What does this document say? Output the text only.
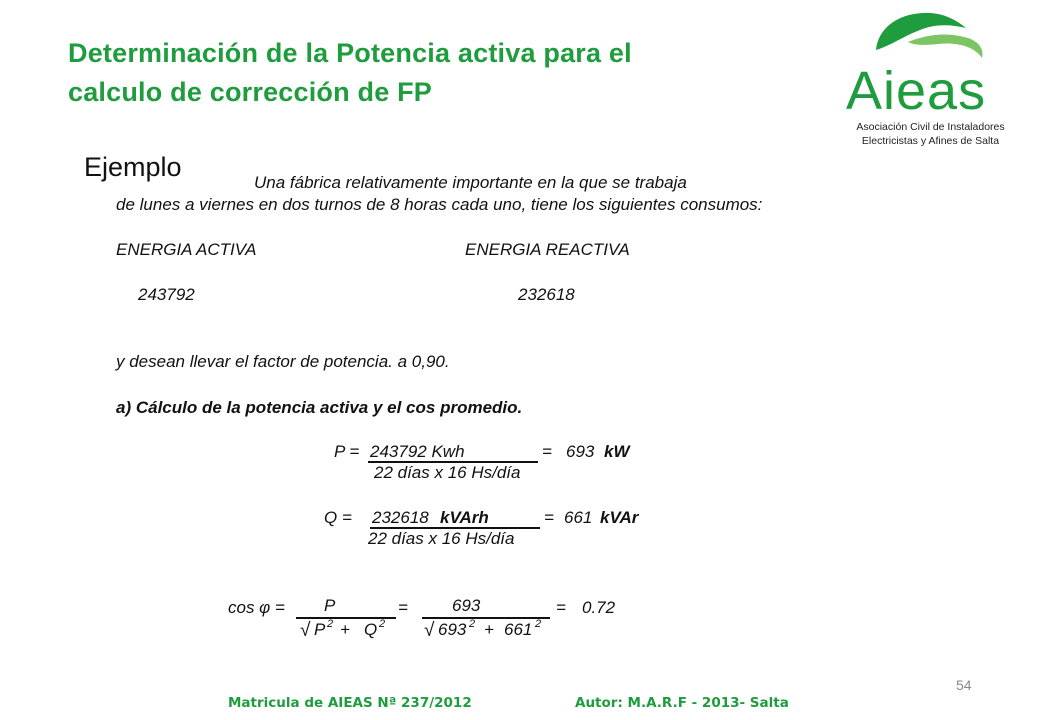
Determinación de la Potencia activa para el
calculo de corrección de FP	Aieas
Asociación Civil de Instaladores
Electricistas y Afines de Salta
Ejemplo
Una fábrica relativamente importante en la que se trabaja
de lunes a viernes en dos turnos de 8 horas cada uno, tiene los siguientes consumos:
ENERGIA ACTIVA	ENERGIA REACTIVA
243792	232618
y desean llevar el factor de potencia. a 0,90.
a) Cálculo de la potencia activa y el cos promedio.
P = 243792 Kwh
22 días x 16 Hs/día
= 693 kW
Q = 232618 kVArh
22 días x 16 Hs/día
= 661 kVAr
cos φ = P
√ P 2 + Q 2
=	693
√ 693 2 + 661 2
= 0.72
54
Matricula de AIEAS Nª 237/2012	Autor: M.A.R.F - 2013- Salta
